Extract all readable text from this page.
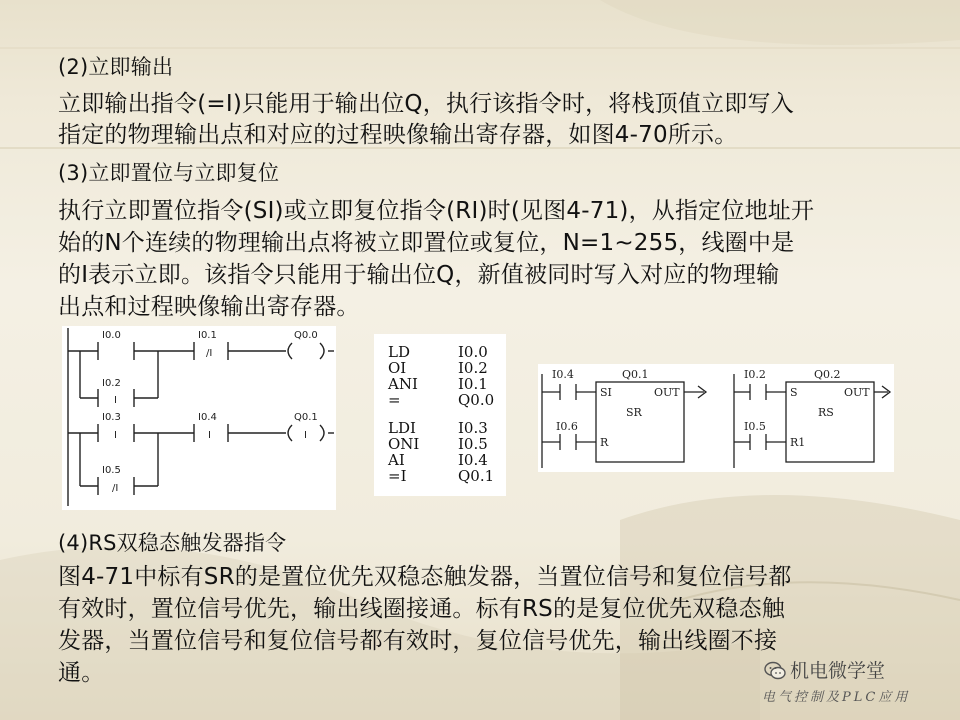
(2)立即输出
立即输出指令(=I)只能用于输出位Q，执行该指令时，将栈顶值立即写入
指定的物理输出点和对应的过程映像输出寄存器，如图4-70所示。
(3)立即置位与立即复位
执行立即置位指令(SI)或立即复位指令(RI)时(见图4-71)，从指定位地址开
始的N个连续的物理输出点将被立即置位或复位，N=1~255，线圈中是
的I表示立即。该指令只能用于输出位Q，新值被同时写入对应的物理输
出点和过程映像输出寄存器。
(4)RS双稳态触发器指令
图4-71中标有SR的是置位优先双稳态触发器，当置位信号和复位信号都
有效时，置位信号优先，输出线圈接通。标有RS的是复位优先双稳态触
发器，当置位信号和复位信号都有效时，复位信号优先，输出线圈不接
通。
I0.0	I0.1	Q0.0
I0.2
I0.3	I0.4	Q0.1
I0.5
/I
I
I	I	I
/I
LD	I0.0
OI	I0.2
ANI	I0.1
=	Q0.0
LDI	I0.3
ONI	I0.5
AI	I0.4
=I	Q0.1
I0.4	Q0.1
SI	OUT
SR
I0.6
R
I0.2	Q0.2
S	OUT
RS
I0.5
R1
机电微学堂
电气控制及PLC应用
